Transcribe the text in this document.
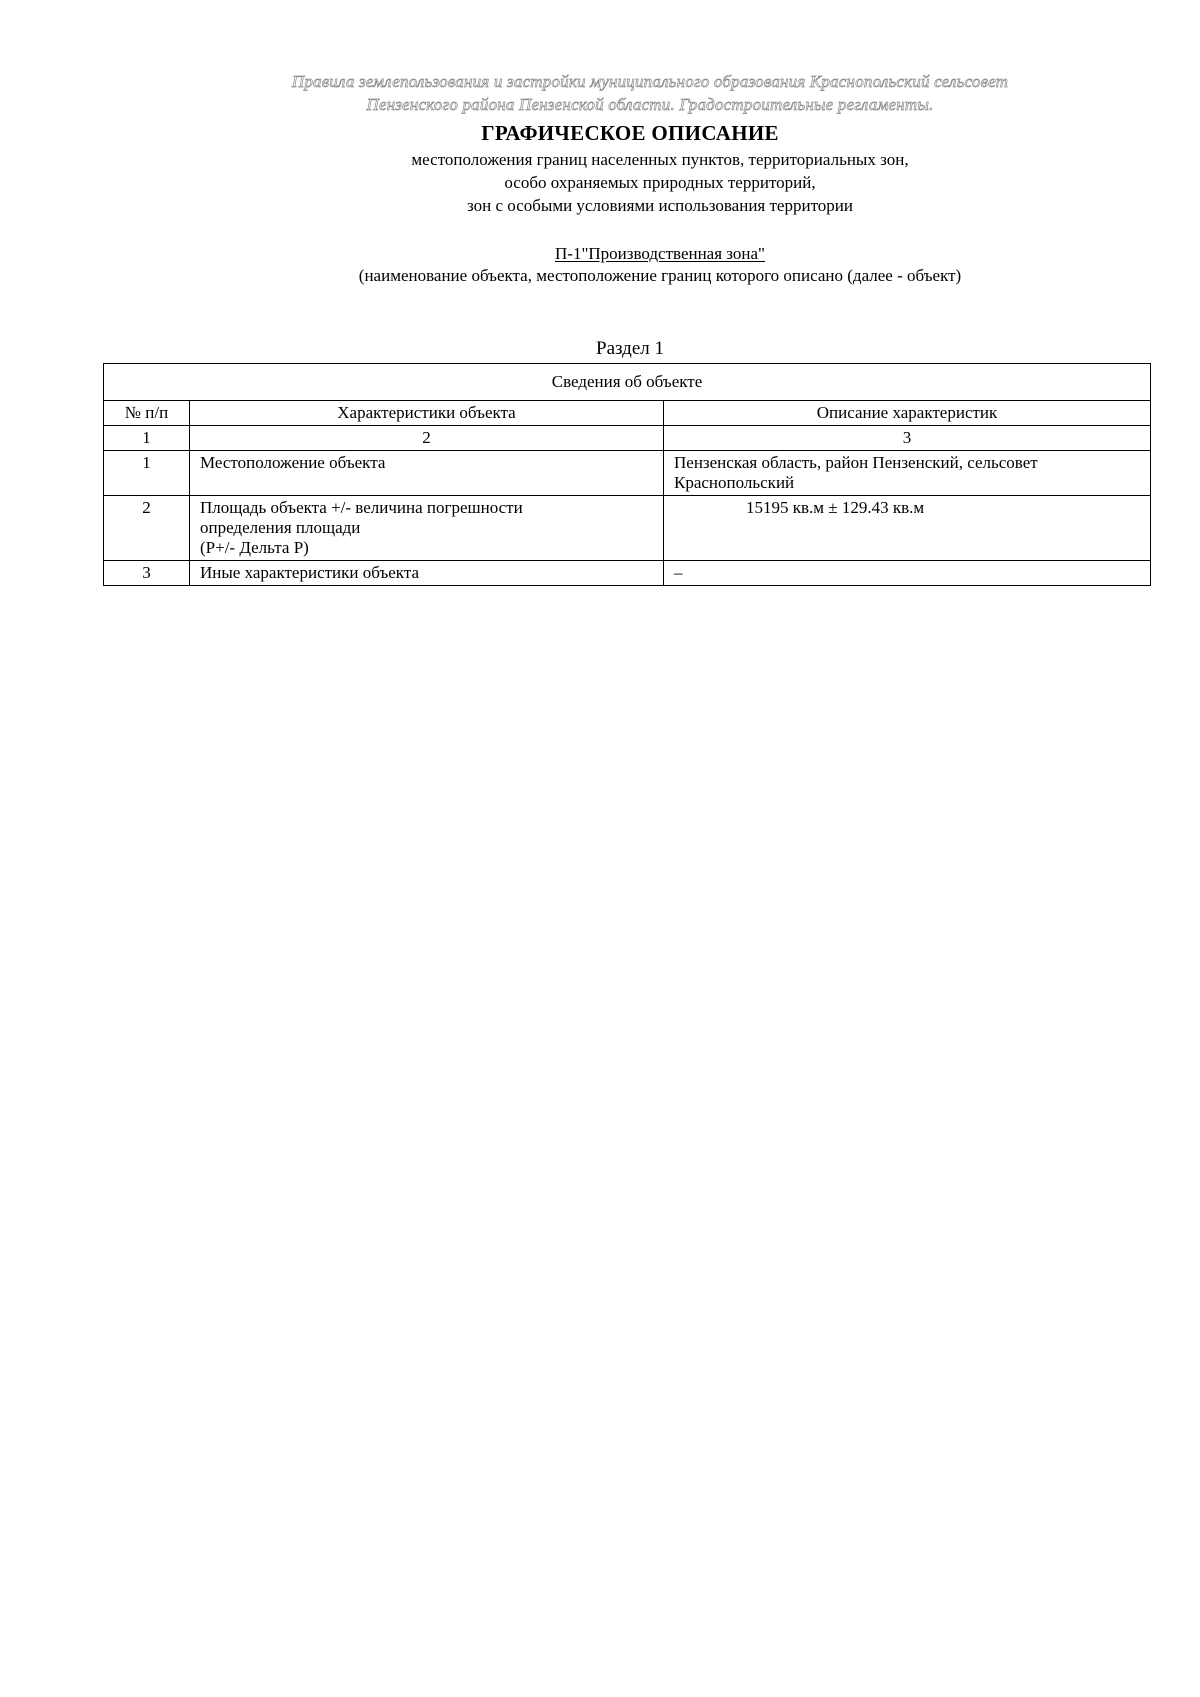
Правила землепользования и застройки муниципального образования Краснопольский сельсовет
Пензенского района Пензенской области. Градостроительные регламенты.
ГРАФИЧЕСКОЕ ОПИСАНИЕ
местоположения границ населенных пунктов, территориальных зон,
особо охраняемых природных территорий,
зон с особыми условиями использования территории
П-1"Производственная зона"
(наименование объекта, местоположение границ которого описано (далее - объект)
Раздел 1
Сведения об объекте		
№ п/п	Характеристики объекта	Описание характеристик
1	2	3
1	Местоположение объекта	Пензенская область, район Пензенский, сельсовет
Краснопольский

2	Площадь объекта +/- величина погрешности
определения площади
(P+/- Дельта P)	15195 кв.м ± 129.43 кв.м
3	Иные характеристики объекта	–
